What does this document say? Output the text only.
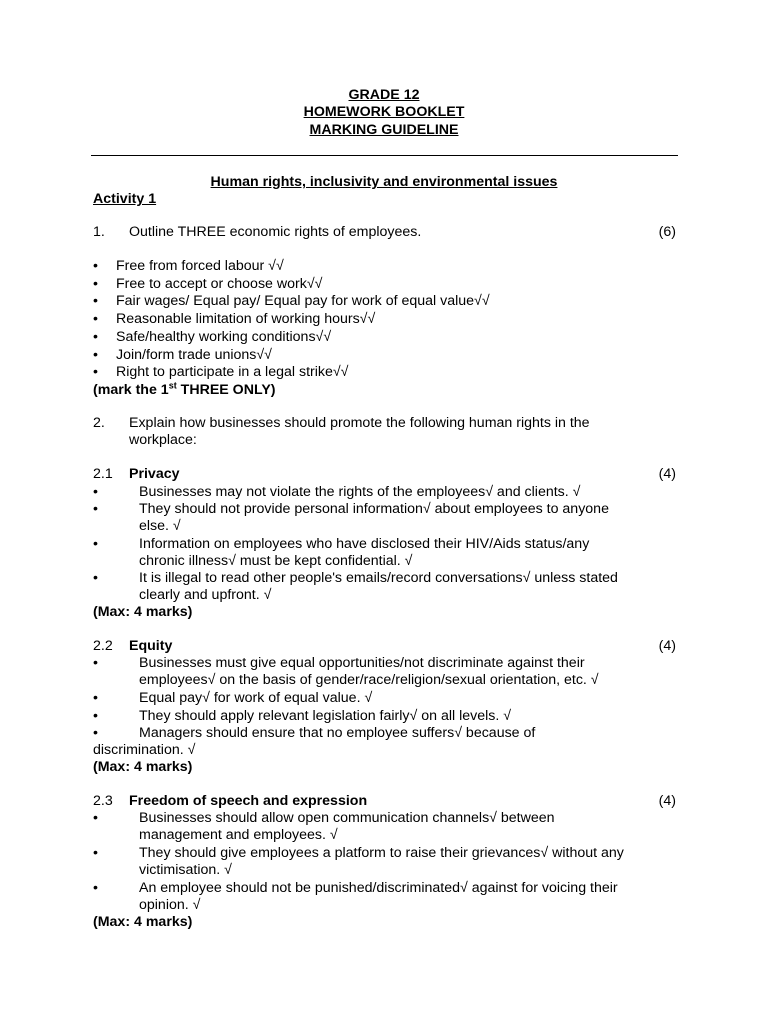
GRADE 12
HOMEWORK BOOKLET
MARKING GUIDELINE
Human rights, inclusivity and environmental issues
Activity 1
1. Outline THREE economic rights of employees.	(6)
• Free from forced labour √√
• Free to accept or choose work√√
• Fair wages/ Equal pay/ Equal pay for work of equal value√√
• Reasonable limitation of working hours√√
• Safe/healthy working conditions√√
• Join/form trade unions√√
• Right to participate in a legal strike√√
(mark the 1st THREE ONLY)
2. Explain how businesses should promote the following human rights in the
workplace:
2.1 Privacy	(4)
•	Businesses may not violate the rights of the employees√ and clients. √
•	They should not provide personal information√ about employees to anyone
else. √
•	Information on employees who have disclosed their HIV/Aids status/any
chronic illness√ must be kept confidential. √
•	It is illegal to read other people's emails/record conversations√ unless stated
clearly and upfront. √
(Max: 4 marks)
2.2 Equity	(4)
•	Businesses must give equal opportunities/not discriminate against their
employees√ on the basis of gender/race/religion/sexual orientation, etc. √
•	Equal pay√ for work of equal value. √
•	They should apply relevant legislation fairly√ on all levels. √
•	Managers should ensure that no employee suffers√ because of
discrimination. √
(Max: 4 marks)
2.3 Freedom of speech and expression	(4)
•	Businesses should allow open communication channels√ between
management and employees. √
•	They should give employees a platform to raise their grievances√ without any
victimisation. √
•	An employee should not be punished/discriminated√ against for voicing their
opinion. √
(Max: 4 marks)
